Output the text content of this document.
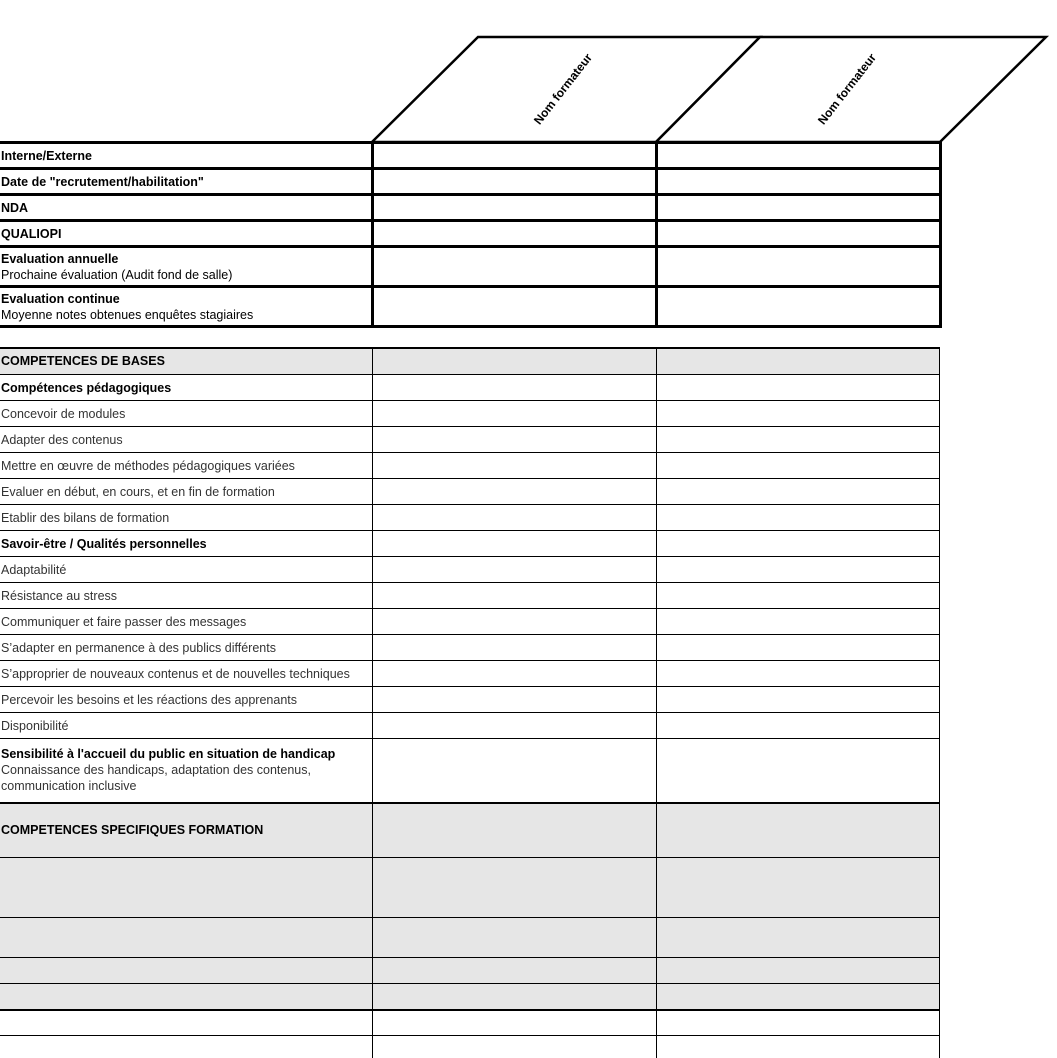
Nom formateur	Nom formateur
Interne/Externe
Date de "recrutement/habilitation"
NDA
QUALIOPI
Evaluation annuelle
Prochaine évaluation (Audit fond de salle)
Evaluation continue
Moyenne notes obtenues enquêtes stagiaires
COMPETENCES DE BASES
Compétences pédagogiques
Concevoir de modules
Adapter des contenus
Mettre en œuvre de méthodes pédagogiques variées
Evaluer en début, en cours, et en fin de formation
Etablir des bilans de formation
Savoir-être / Qualités personnelles
Adaptabilité
Résistance au stress
Communiquer et faire passer des messages
S’adapter en permanence à des publics différents
S’approprier de nouveaux contenus et de nouvelles techniques
Percevoir les besoins et les réactions des apprenants
Disponibilité
Sensibilité à l'accueil du public en situation de handicap
Connaissance des handicaps, adaptation des contenus,
communication inclusive
COMPETENCES SPECIFIQUES FORMATION
